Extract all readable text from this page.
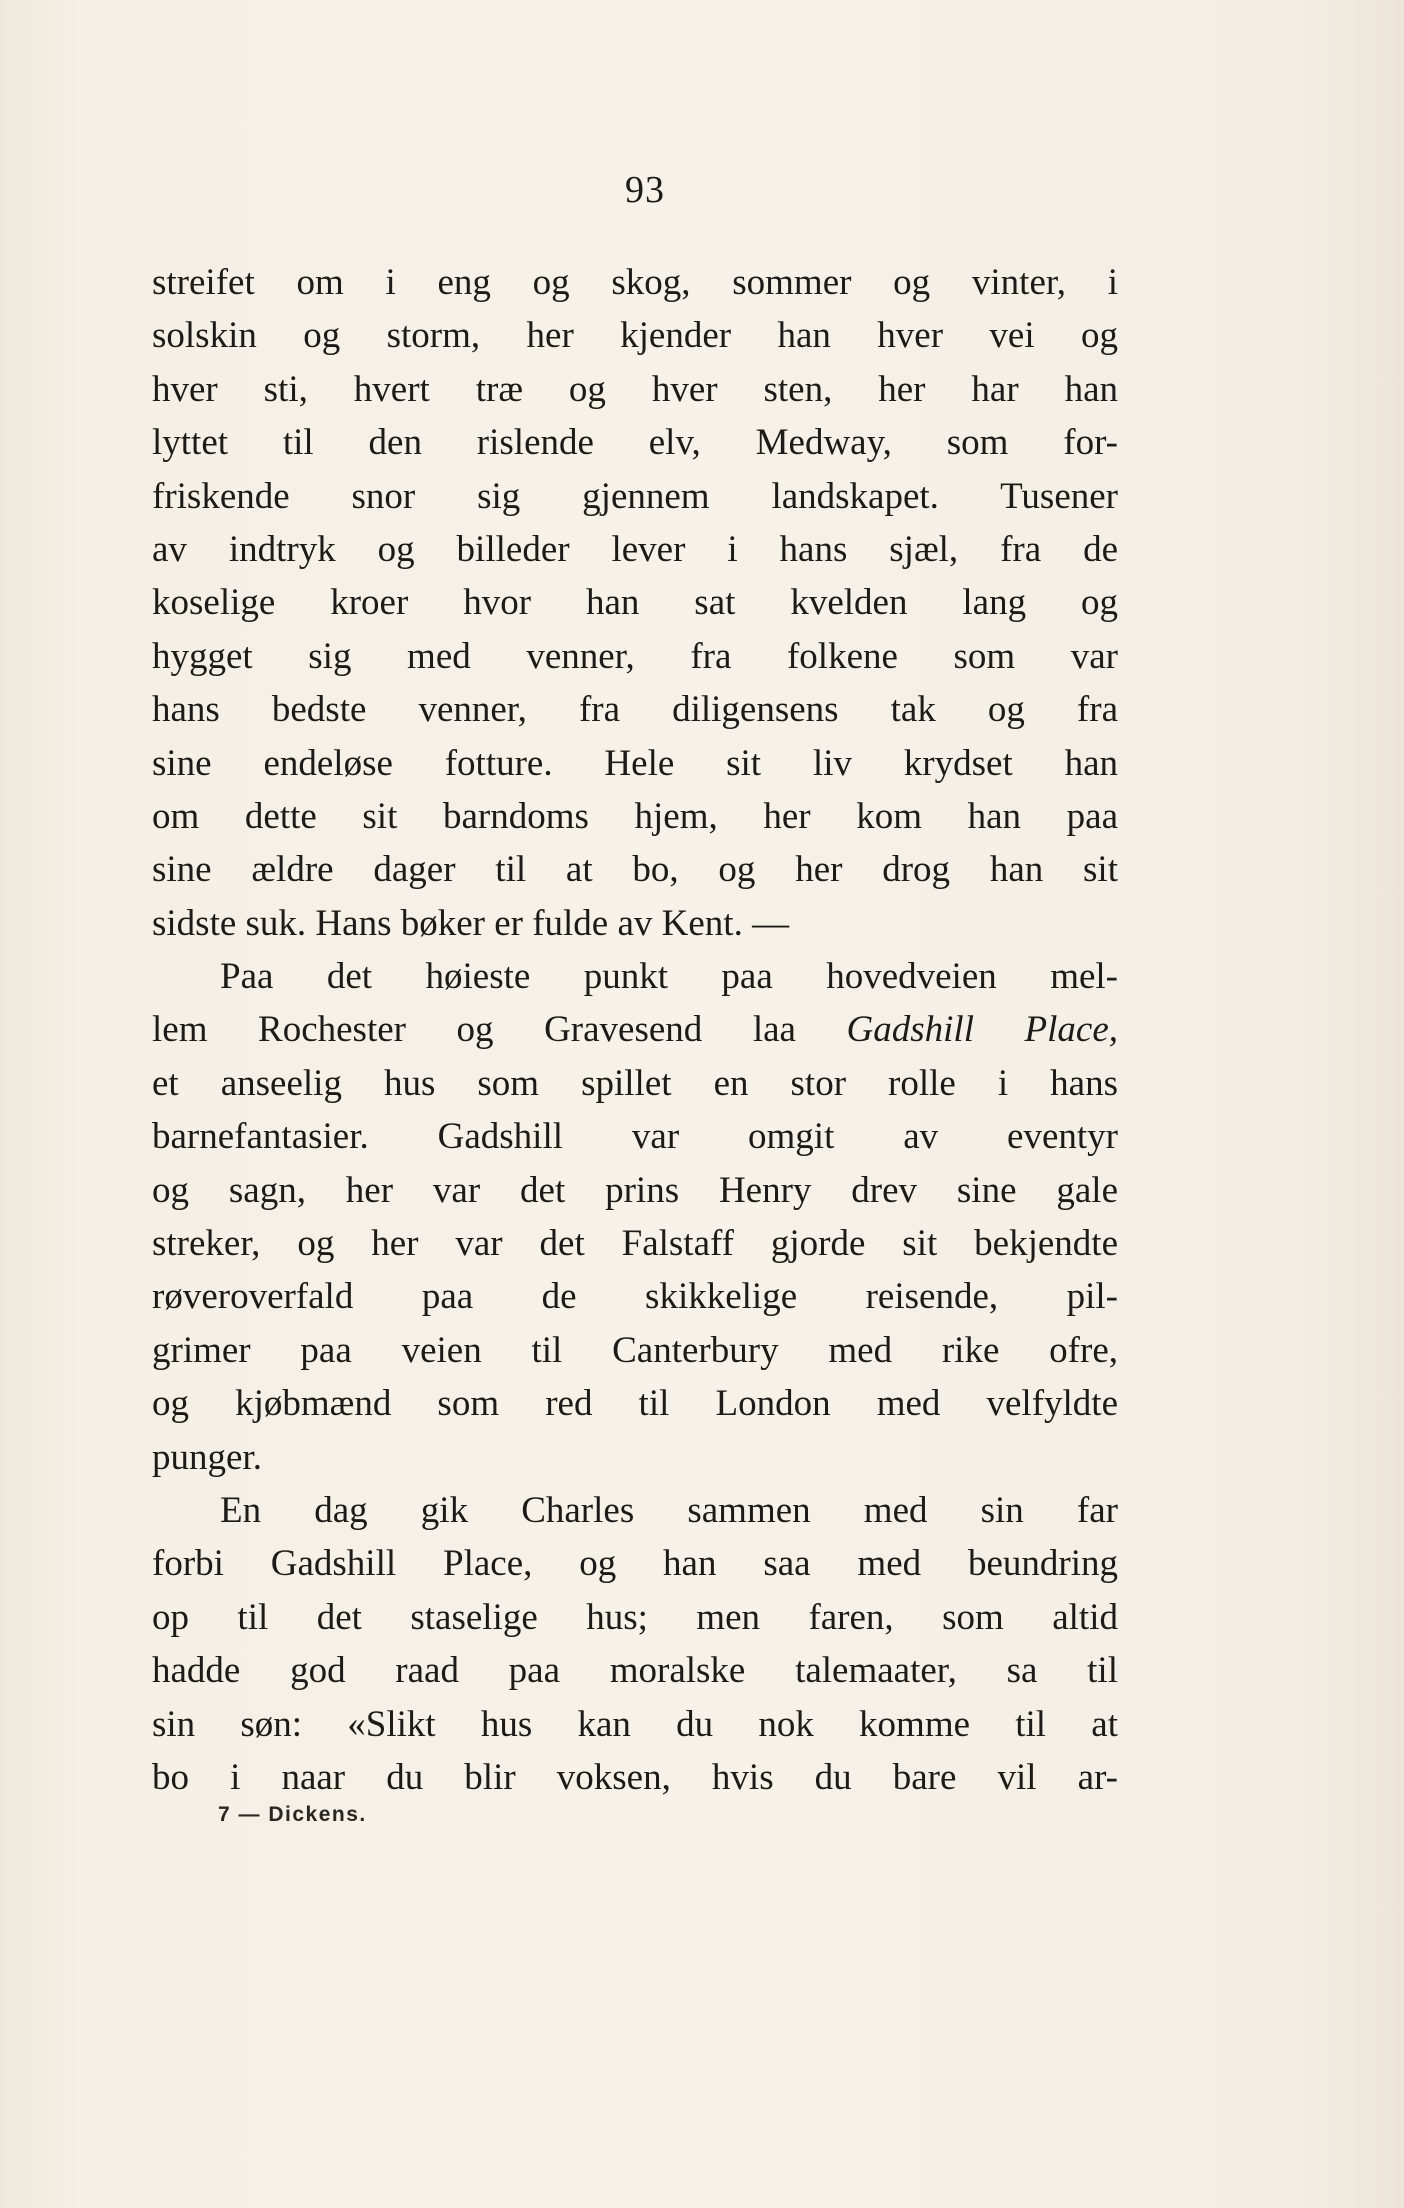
93
streifet om i eng og skog, sommer og vinter, i
solskin og storm, her kjender han hver vei og
hver sti, hvert træ og hver sten, her har han
lyttet til den rislende elv, Medway, som for-
friskende snor sig gjennem landskapet. Tusener
av indtryk og billeder lever i hans sjæl, fra de
koselige kroer hvor han sat kvelden lang og
hygget sig med venner, fra folkene som var
hans bedste venner, fra diligensens tak og fra
sine endeløse fotture. Hele sit liv krydset han
om dette sit barndoms hjem, her kom han paa
sine ældre dager til at bo, og her drog han sit
sidste suk. Hans bøker er fulde av Kent. —
Paa det høieste punkt paa hovedveien mel-
lem Rochester og Gravesend laa Gadshill Place,
et anseelig hus som spillet en stor rolle i hans
barnefantasier. Gadshill var omgit av eventyr
og sagn, her var det prins Henry drev sine gale
streker, og her var det Falstaff gjorde sit bekjendte
røveroverfald paa de skikkelige reisende, pil-
grimer paa veien til Canterbury med rike ofre,
og kjøbmænd som red til London med velfyldte
punger.
En dag gik Charles sammen med sin far
forbi Gadshill Place, og han saa med beundring
op til det staselige hus; men faren, som altid
hadde god raad paa moralske talemaater, sa til
sin søn: «Slikt hus kan du nok komme til at
bo i naar du blir voksen, hvis du bare vil ar-
7 — Dickens.
